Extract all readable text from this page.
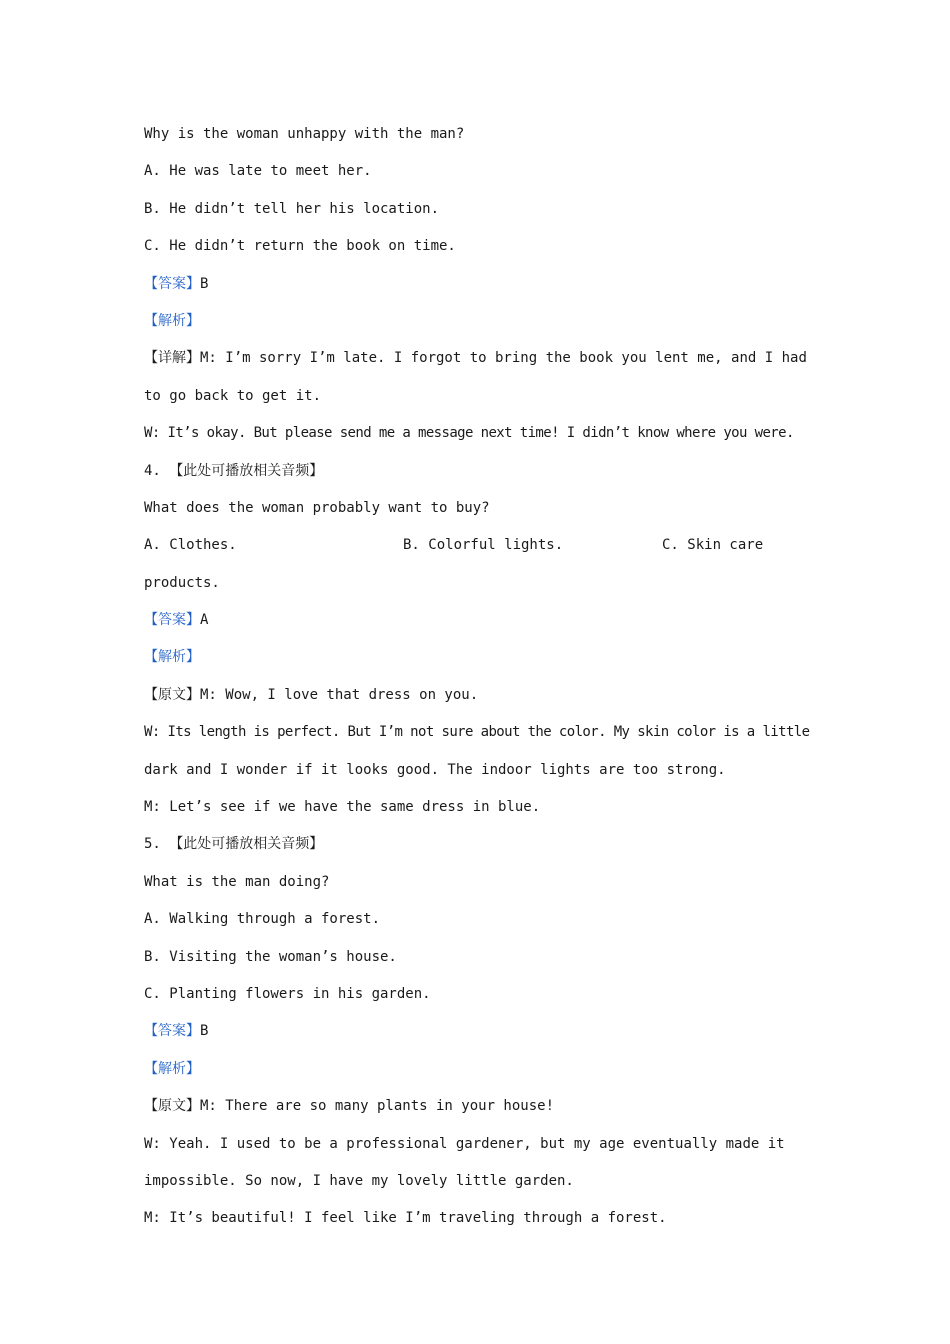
Why is the woman unhappy with the man?
A. He was late to meet her.
B. He didn’t tell her his location.
C. He didn’t return the book on time.
【答案】B
【解析】
【详解】M: I’m sorry I’m late. I forgot to bring the book you lent me, and I had
to go back to get it.
W: It’s okay. But please send me a message next time! I didn’t know where you were.
4. 【此处可播放相关音频】
What does the woman probably want to buy?
A. Clothes.	B. Colorful lights.	C. Skin care
products.
【答案】A
【解析】
【原文】M: Wow, I love that dress on you.
W: Its length is perfect. But I’m not sure about the color. My skin color is a little
dark and I wonder if it looks good. The indoor lights are too strong.
M: Let’s see if we have the same dress in blue.
5. 【此处可播放相关音频】
What is the man doing?
A. Walking through a forest.
B. Visiting the woman’s house.
C. Planting flowers in his garden.
【答案】B
【解析】
【原文】M: There are so many plants in your house!
W: Yeah. I used to be a professional gardener, but my age eventually made it
impossible. So now, I have my lovely little garden.
M: It’s beautiful! I feel like I’m traveling through a forest.
